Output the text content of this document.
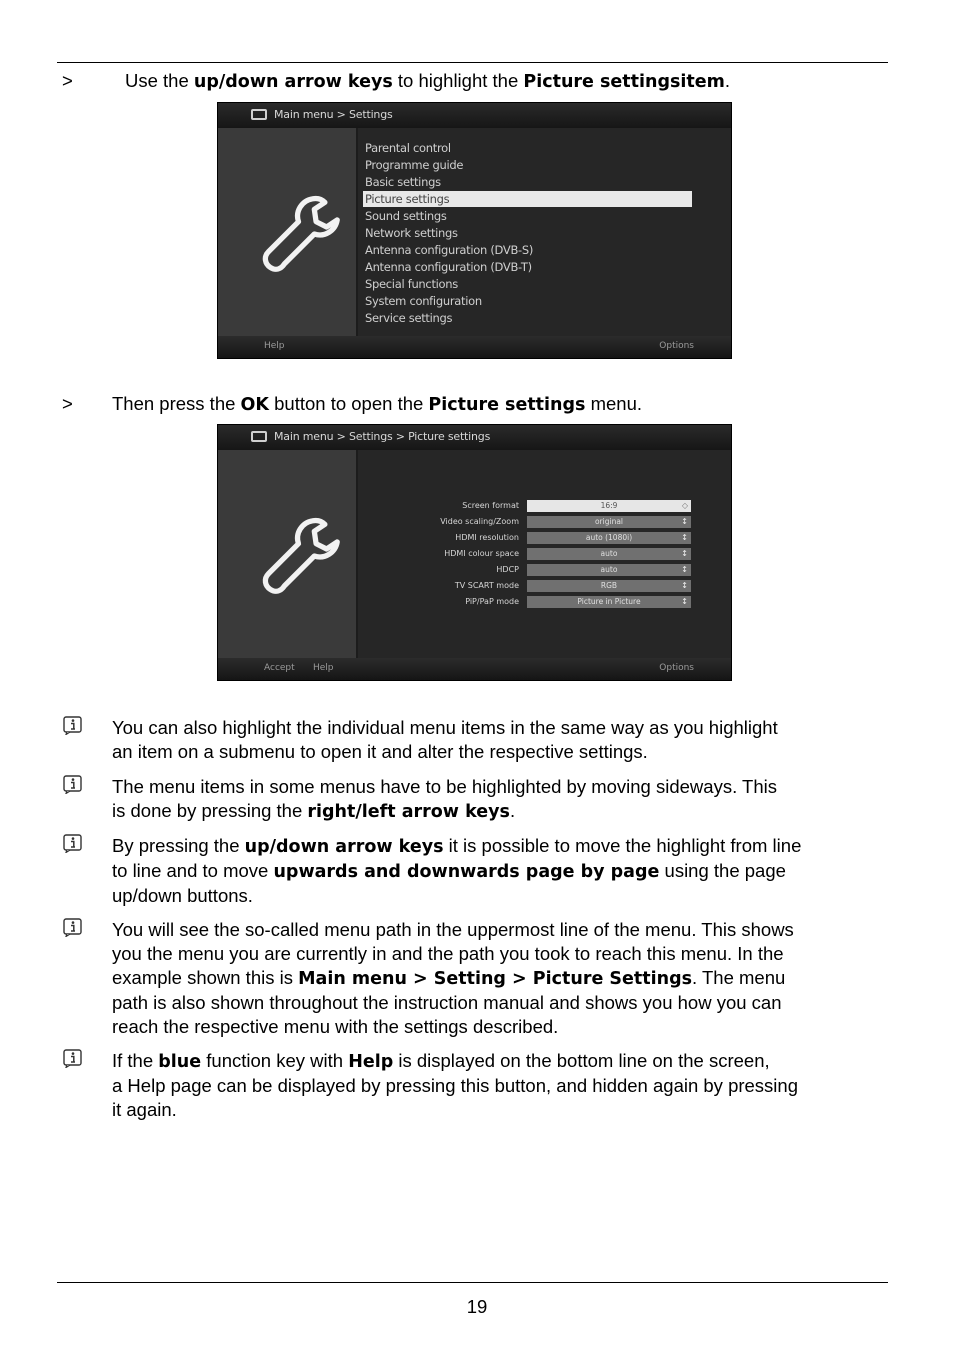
>	Use the up/down arrow keys to highlight the Picture settingsitem.
Main menu > Settings
Parental control
Programme guide
Basic settings
Picture settings
Sound settings
Network settings
Antenna configuration (DVB-S)
Antenna configuration (DVB-T)
Special functions
System configuration
Service settings
Help	Options
> Then press the OK button to open the Picture settings menu.
Main menu > Settings > Picture settings
Screen format	16:9	◇
Video scaling/Zoom	original	↕
HDMI resolution	auto (1080i)	↕
HDMI colour space	auto	↕
HDCP	auto	↕
TV SCART mode	RGB	↕
PiP/PaP mode	Picture in Picture	↕
Accept Help	Options
You can also highlight the individual menu items in the same way as you highlight
an item on a submenu to open it and alter the respective settings.
The menu items in some menus have to be highlighted by moving sideways. This
is done by pressing the right/left arrow keys.
By pressing the up/down arrow keys it is possible to move the highlight from line
to line and to move upwards and downwards page by page using the page
up/down buttons.
You will see the so-called menu path in the uppermost line of the menu. This shows
you the menu you are currently in and the path you took to reach this menu. In the
example shown this is Main menu > Setting > Picture Settings. The menu
path is also shown throughout the instruction manual and shows you how you can
reach the respective menu with the settings described.
If the blue function key with Help is displayed on the bottom line on the screen,
a Help page can be displayed by pressing this button, and hidden again by pressing
it again.
19
